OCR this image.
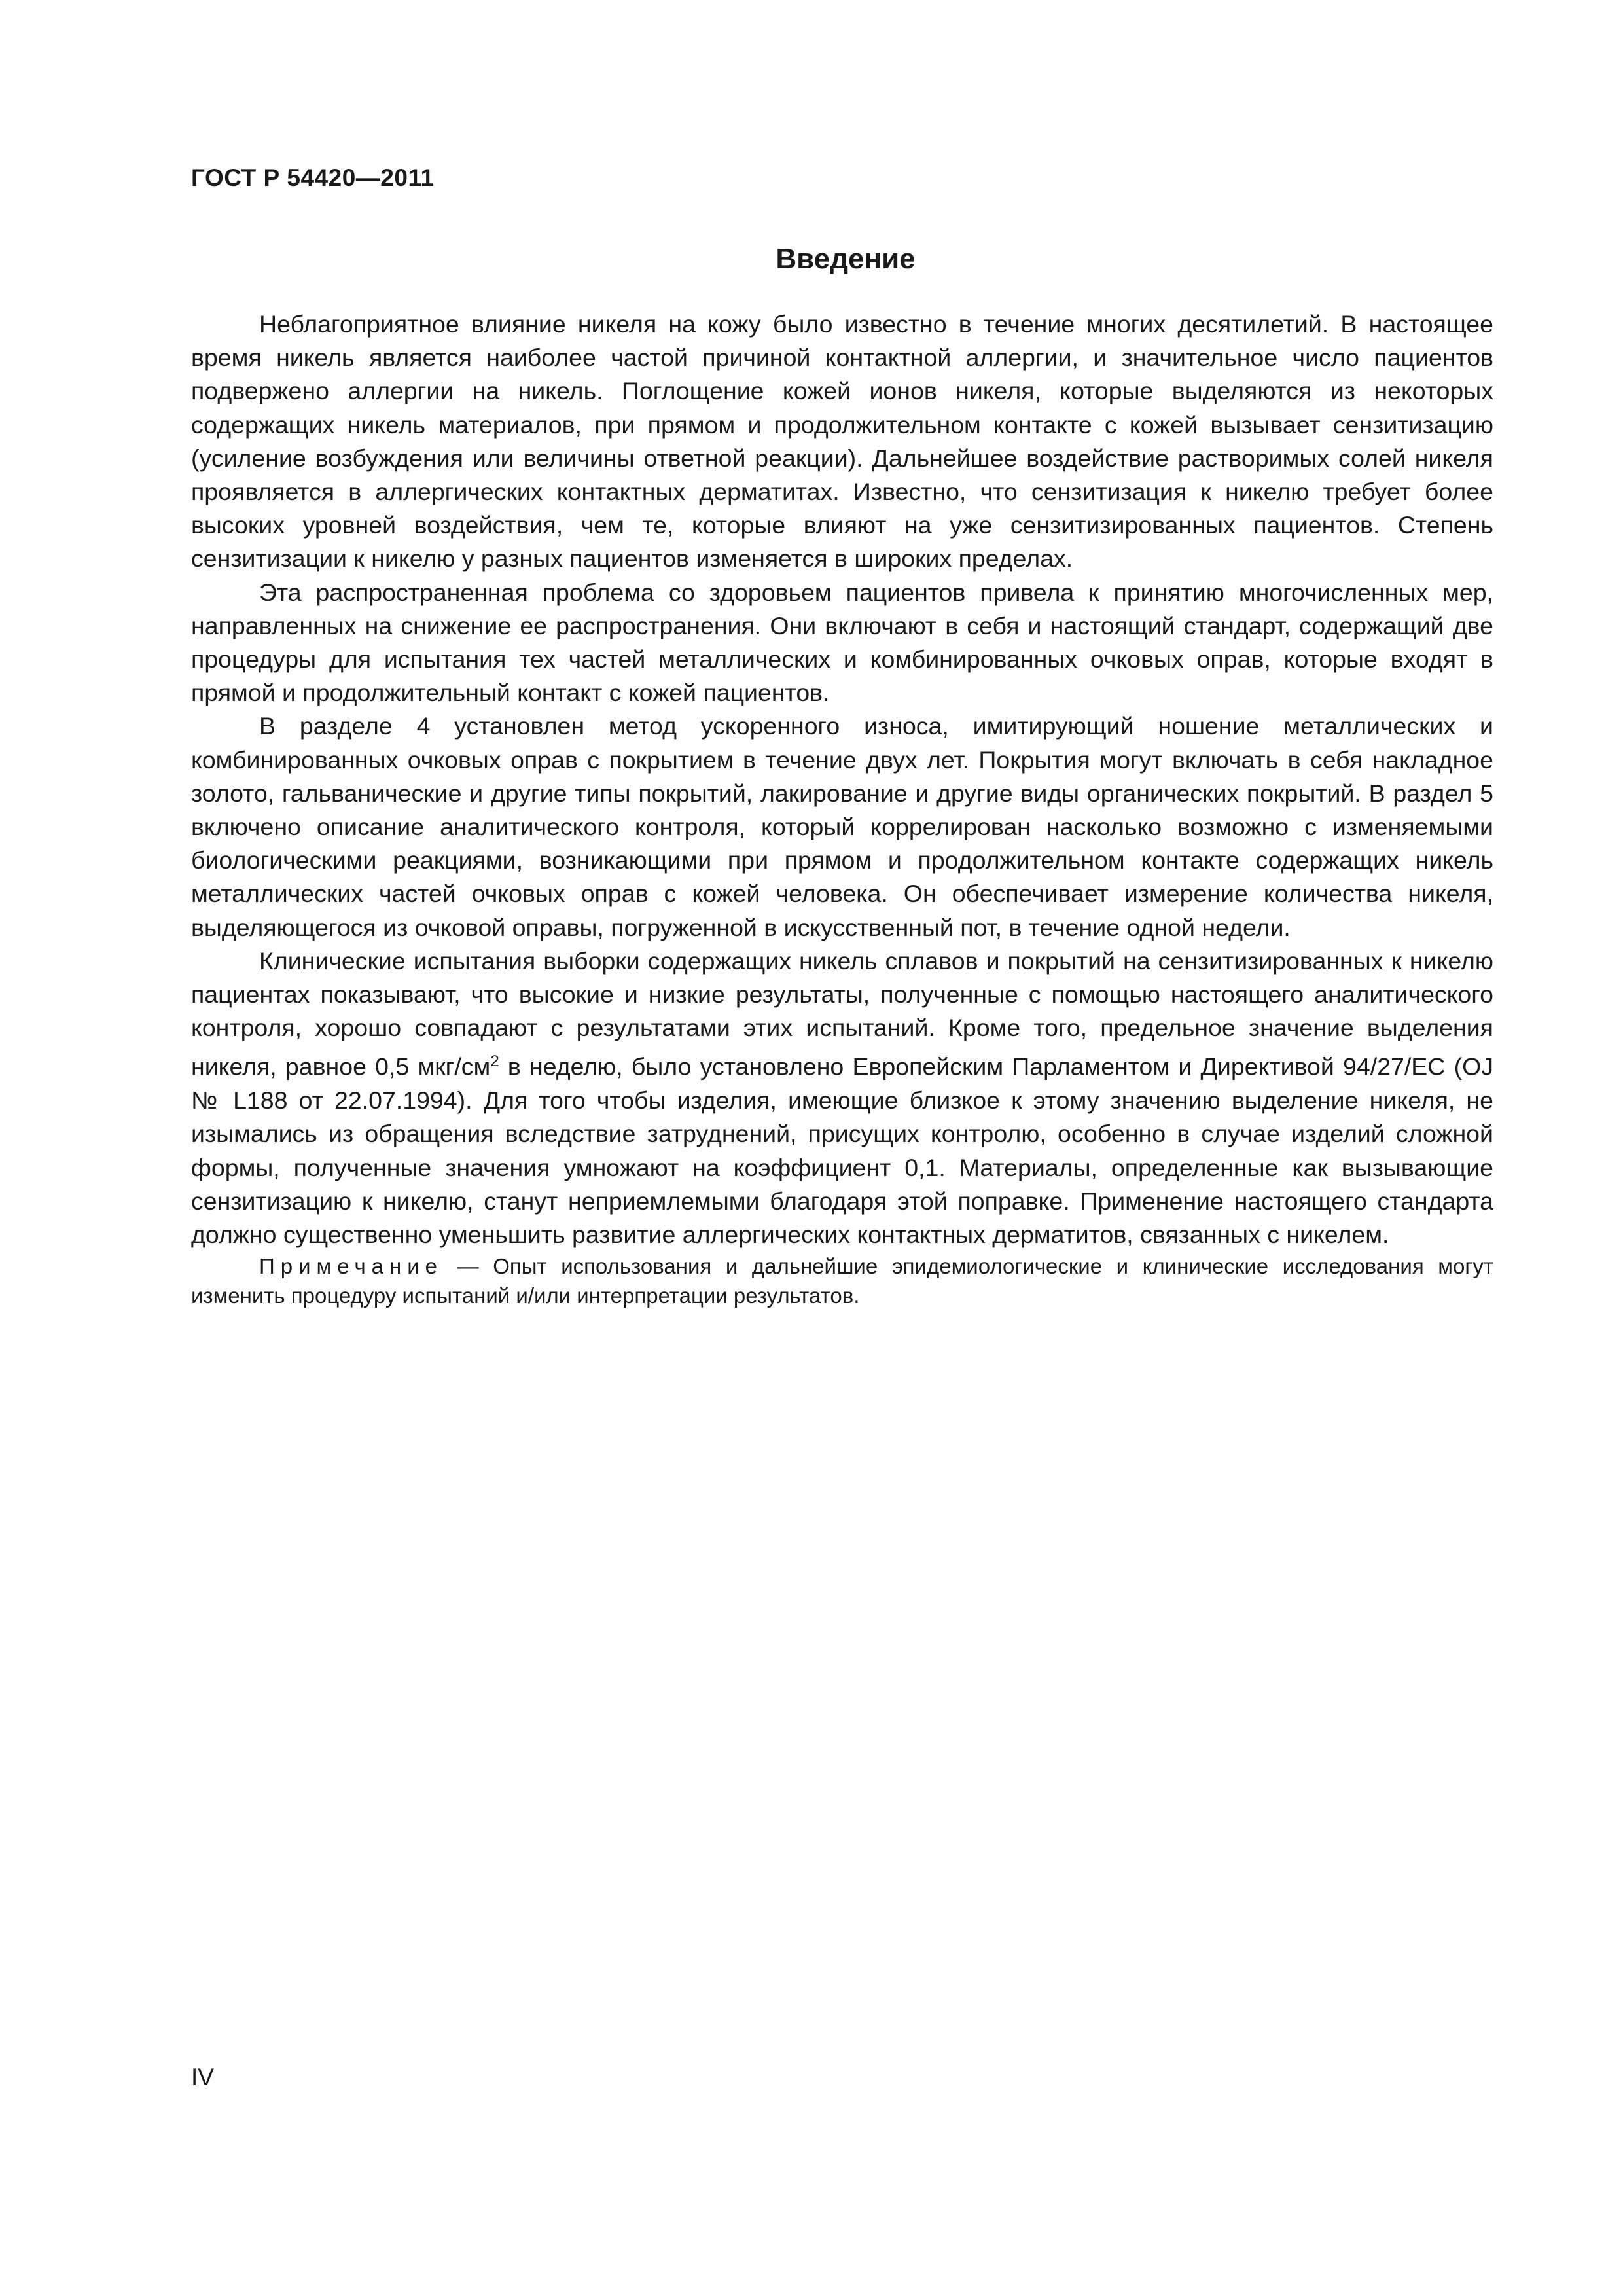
ГОСТ Р 54420—2011
Введение

Неблагоприятное влияние никеля на кожу было известно в течение многих десятилетий. В настоящее время никель является наиболее частой причиной контактной аллергии, и значительное число пациентов подвержено аллергии на никель. Поглощение кожей ионов никеля, которые выделяются из некоторых содержащих никель материалов, при прямом и продолжительном контакте с кожей вызывает сензитизацию (усиление возбуждения или величины ответной реакции). Дальнейшее воздействие растворимых солей никеля проявляется в аллергических контактных дерматитах. Известно, что сензитизация к никелю требует более высоких уровней воздействия, чем те, которые влияют на уже сензитизированных пациентов. Степень сензитизации к никелю у разных пациентов изменяется в широких пределах.

Эта распространенная проблема со здоровьем пациентов привела к принятию многочисленных мер, направленных на снижение ее распространения. Они включают в себя и настоящий стандарт, содержащий две процедуры для испытания тех частей металлических и комбинированных очковых оправ, которые входят в прямой и продолжительный контакт с кожей пациентов.

В разделе 4 установлен метод ускоренного износа, имитирующий ношение металлических и комбинированных очковых оправ с покрытием в течение двух лет. Покрытия могут включать в себя накладное золото, гальванические и другие типы покрытий, лакирование и другие виды органических покрытий. В раздел 5 включено описание аналитического контроля, который коррелирован насколько возможно с изменяемыми биологическими реакциями, возникающими при прямом и продолжительном контакте содержащих никель металлических частей очковых оправ с кожей человека. Он обеспечивает измерение количества никеля, выделяющегося из очковой оправы, погруженной в искусственный пот, в течение одной недели.

Клинические испытания выборки содержащих никель сплавов и покрытий на сензитизированных к никелю пациентах показывают, что высокие и низкие результаты, полученные с помощью настоящего аналитического контроля, хорошо совпадают с результатами этих испытаний. Кроме того, предельное значение выделения никеля, равное 0,5 мкг/$см^2$ в неделю, было установлено Европейским Парламентом и Директивой 94/27/ЕС (OJ № L188 от 22.07.1994). Для того чтобы изделия, имеющие близкое к этому значению выделение никеля, не изымались из обращения вследствие затруднений, присущих контролю, особенно в случае изделий сложной формы, полученные значения умножают на коэффициент 0,1. Материалы, определенные как вызывающие сензитизацию к никелю, станут неприемлемыми благодаря этой поправке. Применение настоящего стандарта должно существенно уменьшить развитие аллергических контактных дерматитов, связанных с никелем.

Примечание — Опыт использования и дальнейшие эпидемиологические и клинические исследования могут изменить процедуру испытаний и/или интерпретации результатов.

IV
